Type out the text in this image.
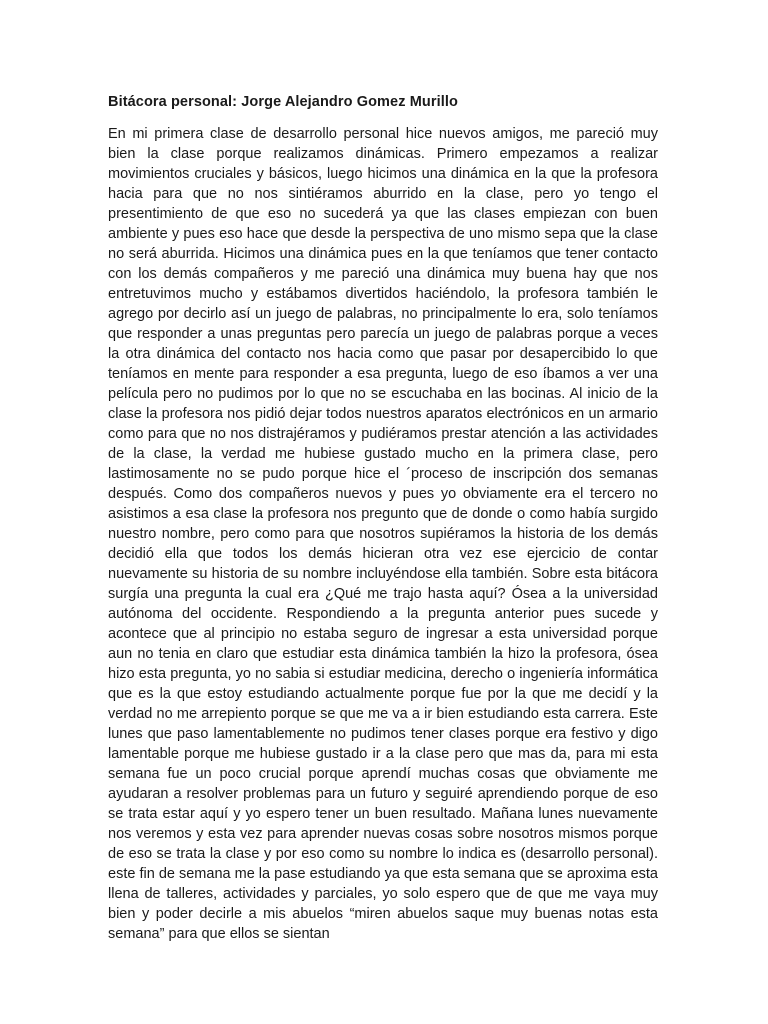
Bitácora personal: Jorge Alejandro Gomez Murillo

En mi primera clase de desarrollo personal hice nuevos amigos, me pareció muy bien la clase porque realizamos dinámicas. Primero empezamos a realizar movimientos cruciales y básicos, luego hicimos una dinámica en la que la profesora hacia para que no nos sintiéramos aburrido en la clase, pero yo tengo el presentimiento de que eso no sucederá ya que las clases empiezan con buen ambiente y pues eso hace que desde la perspectiva de uno mismo sepa que la clase no será aburrida. Hicimos una dinámica pues en la que teníamos que tener contacto con los demás compañeros y me pareció una dinámica muy buena hay que nos entretuvimos mucho y estábamos divertidos haciéndolo, la profesora también le agrego por decirlo así un juego de palabras, no principalmente lo era, solo teníamos que responder a unas preguntas pero parecía un juego de palabras porque a veces la otra dinámica del contacto nos hacia como que pasar por desapercibido lo que teníamos en mente para responder a esa pregunta, luego de eso íbamos a ver una película pero no pudimos por lo que no se escuchaba en las bocinas. Al inicio de la clase la profesora nos pidió dejar todos nuestros aparatos electrónicos en un armario como para que no nos distrajéramos y pudiéramos prestar atención a las actividades de la clase, la verdad me hubiese gustado mucho en la primera clase, pero lastimosamente no se pudo porque hice el ´proceso de inscripción dos semanas después. Como dos compañeros nuevos y pues yo obviamente era el tercero no asistimos a esa clase la profesora nos pregunto que de donde o como había surgido nuestro nombre, pero como para que nosotros supiéramos la historia de los demás decidió ella que todos los demás hicieran otra vez ese ejercicio de contar nuevamente su historia de su nombre incluyéndose ella también. Sobre esta bitácora surgía una pregunta la cual era ¿Qué me trajo hasta aquí? Ósea a la universidad autónoma del occidente. Respondiendo a la pregunta anterior pues sucede y acontece que al principio no estaba seguro de ingresar a esta universidad porque aun no tenia en claro que estudiar esta dinámica también la hizo la profesora, ósea hizo esta pregunta, yo no sabia si estudiar medicina, derecho o ingeniería informática que es la que estoy estudiando actualmente porque fue por la que me decidí y la verdad no me arrepiento porque se que me va a ir bien estudiando esta carrera. Este lunes que paso lamentablemente no pudimos tener clases porque era festivo y digo lamentable porque me hubiese gustado ir a la clase pero que mas da, para mi esta semana fue un poco crucial porque aprendí muchas cosas que obviamente me ayudaran a resolver problemas para un futuro y seguiré aprendiendo porque de eso se trata estar aquí y yo espero tener un buen resultado. Mañana lunes nuevamente nos veremos y esta vez para aprender nuevas cosas sobre nosotros mismos porque de eso se trata la clase y por eso como su nombre lo indica es (desarrollo personal). este fin de semana me la pase estudiando ya que esta semana que se aproxima esta llena de talleres, actividades y parciales, yo solo espero que de que me vaya muy bien y poder decirle a mis abuelos “miren abuelos saque muy buenas notas esta semana” para que ellos se sientan
